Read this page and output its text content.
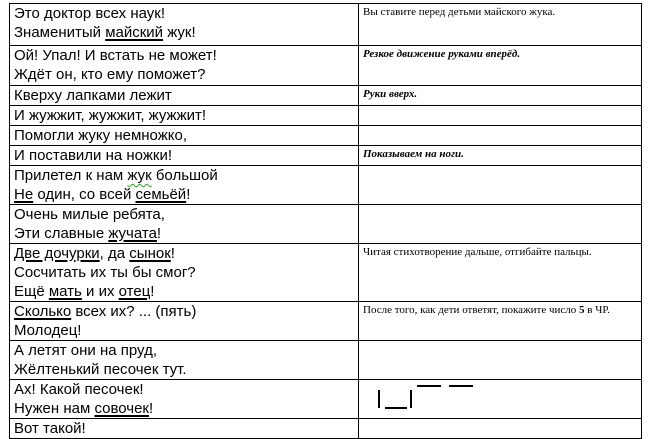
Это доктор всех наук!
Знаменитый майский жук!	Вы ставите перед детьми майского жука.

Ой! Упал! И встать не может!
Ждёт он, кто ему поможет?	Резкое движение руками вперёд.

Кверху лапками лежит	Руки вверх.

И жужжит, жужжит, жужжит!	

Помогли жуку немножко,	

И поставили на ножки!	Показываем на ноги.

Прилетел к нам жук большой
Не один, со всей семьёй!	

Очень милые ребята,
Эти славные жучата!	

Две дочурки, да сынок!
Сосчитать их ты бы смог?
Ещё мать и их отец!	Читая стихотворение дальше, отгибайте пальцы.

Сколько всех их? ... (пять)
Молодец!	После того, как дети ответят, покажите число 5 в ЧР.

А летят они на пруд,
Жёлтенький песочек тут.	

Ах! Какой песочек!
Нужен нам совочек!

Вот такой!	
